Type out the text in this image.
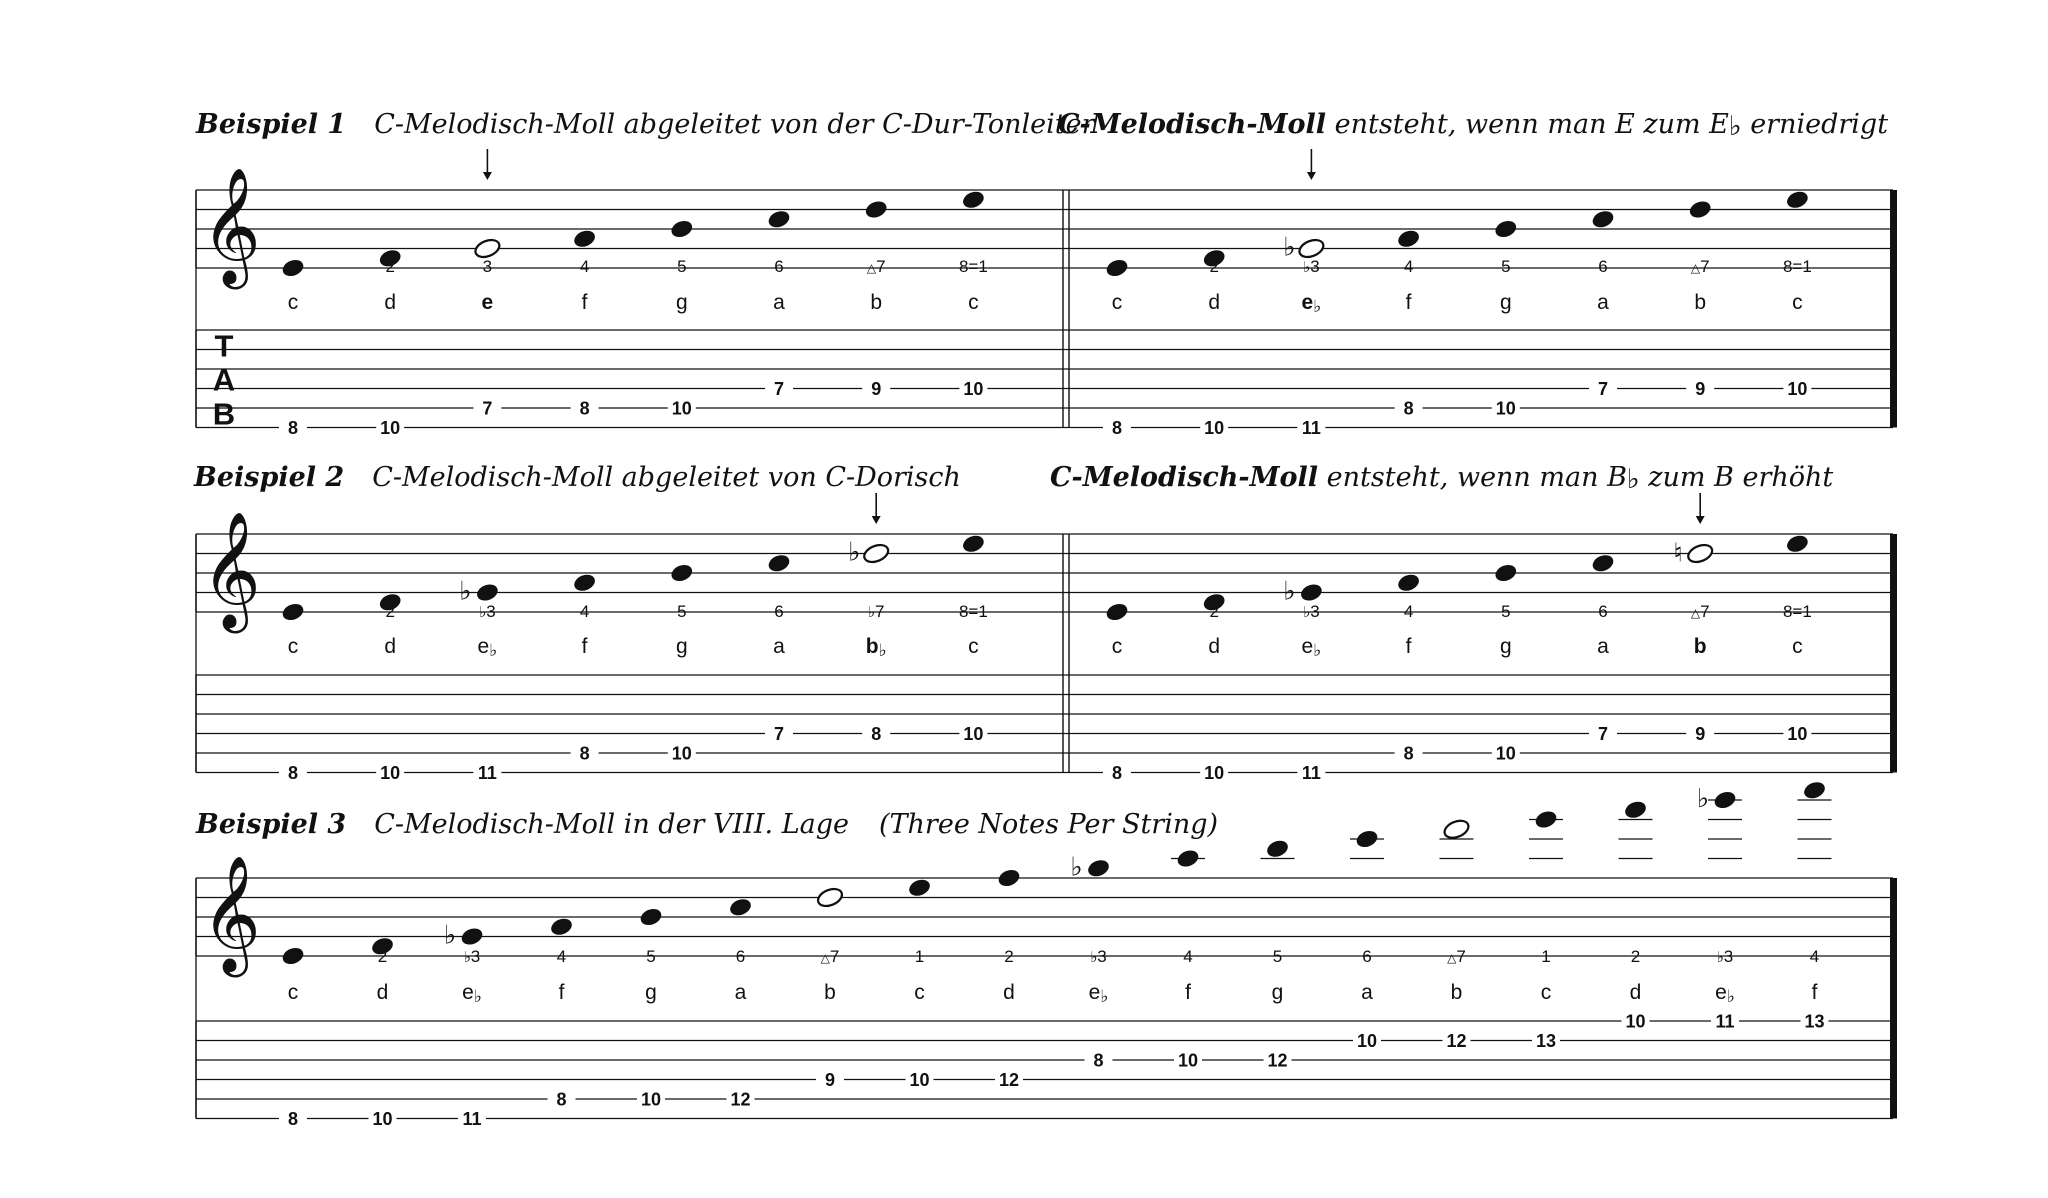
Beispiel 1 C-Melodisch-Moll abgeleitet von der C-Dur-Tonleiter
C-Melodisch-Moll entsteht, wenn man E zum E♭ erniedrigt
Beispiel 2 C-Melodisch-Moll abgeleitet von C-Dorisch	C-Melodisch-Moll entsteht, wenn man B♭ zum B erhöht
Beispiel 3 C-Melodisch-Moll in der VIII. Lage (Three Notes Per String)
𝄞
T
A
B
1
c
8
2
d
10
3
e
7
4
f
8
5
g
10
6
a
7
△7
b
9
8=1
c
10
1
c
8
2
d
10
♭
♭3
e♭
11
4
f
8
5
g
10
6
a
7
△7
b
9
8=1
c
10
𝄞 1
c
8
2
d
10
♭
♭3
e♭
11
4
f
8
5
g
10
6
a
7
♭
♭7
b♭
8
8=1
c
10
1
c
8
2
d
10
♭
♭3
e♭
11
4
f
8
5
g
10
6
a
7
♮
△7
b
9
8=1
c
10
𝄞 1
c
8
2
d
10
♭
♭3
e♭
11
4
f
8
5
g
10
6
a
12
△7
b
9
1
c
10
2
d
12
♭
♭3
e♭
8
4
f
10
5
g
12
6
a
10
△7
b
12
1
c
13
2
d
10
♭
♭3
e♭
11
4
f
13
